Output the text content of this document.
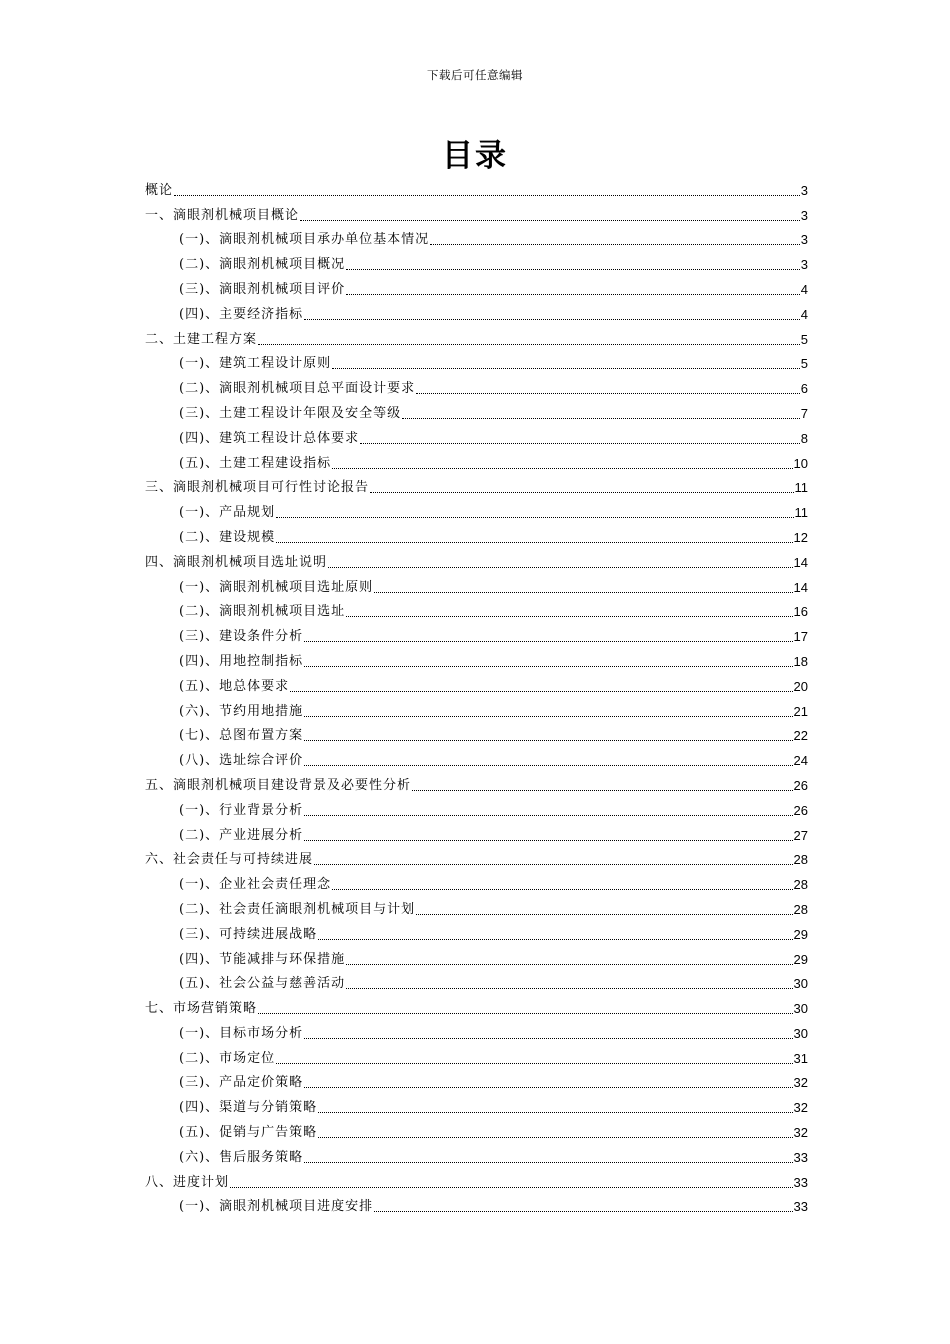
下载后可任意编辑
目录
概论	3
一、滴眼剂机械项目概论	3
(一)、滴眼剂机械项目承办单位基本情况	3
(二)、滴眼剂机械项目概况	3
(三)、滴眼剂机械项目评价	4
(四)、主要经济指标	4
二、土建工程方案	5
(一)、建筑工程设计原则	5
(二)、滴眼剂机械项目总平面设计要求	6
(三)、土建工程设计年限及安全等级	7
(四)、建筑工程设计总体要求	8
(五)、土建工程建设指标	10
三、滴眼剂机械项目可行性讨论报告	11
(一)、产品规划	11
(二)、建设规模	12
四、滴眼剂机械项目选址说明	14
(一)、滴眼剂机械项目选址原则	14
(二)、滴眼剂机械项目选址	16
(三)、建设条件分析	17
(四)、用地控制指标	18
(五)、地总体要求	20
(六)、节约用地措施	21
(七)、总图布置方案	22
(八)、选址综合评价	24
五、滴眼剂机械项目建设背景及必要性分析	26
(一)、行业背景分析	26
(二)、产业进展分析	27
六、社会责任与可持续进展	28
(一)、企业社会责任理念	28
(二)、社会责任滴眼剂机械项目与计划	28
(三)、可持续进展战略	29
(四)、节能减排与环保措施	29
(五)、社会公益与慈善活动	30
七、市场营销策略	30
(一)、目标市场分析	30
(二)、市场定位	31
(三)、产品定价策略	32
(四)、渠道与分销策略	32
(五)、促销与广告策略	32
(六)、售后服务策略	33
八、进度计划	33
(一)、滴眼剂机械项目进度安排	33
